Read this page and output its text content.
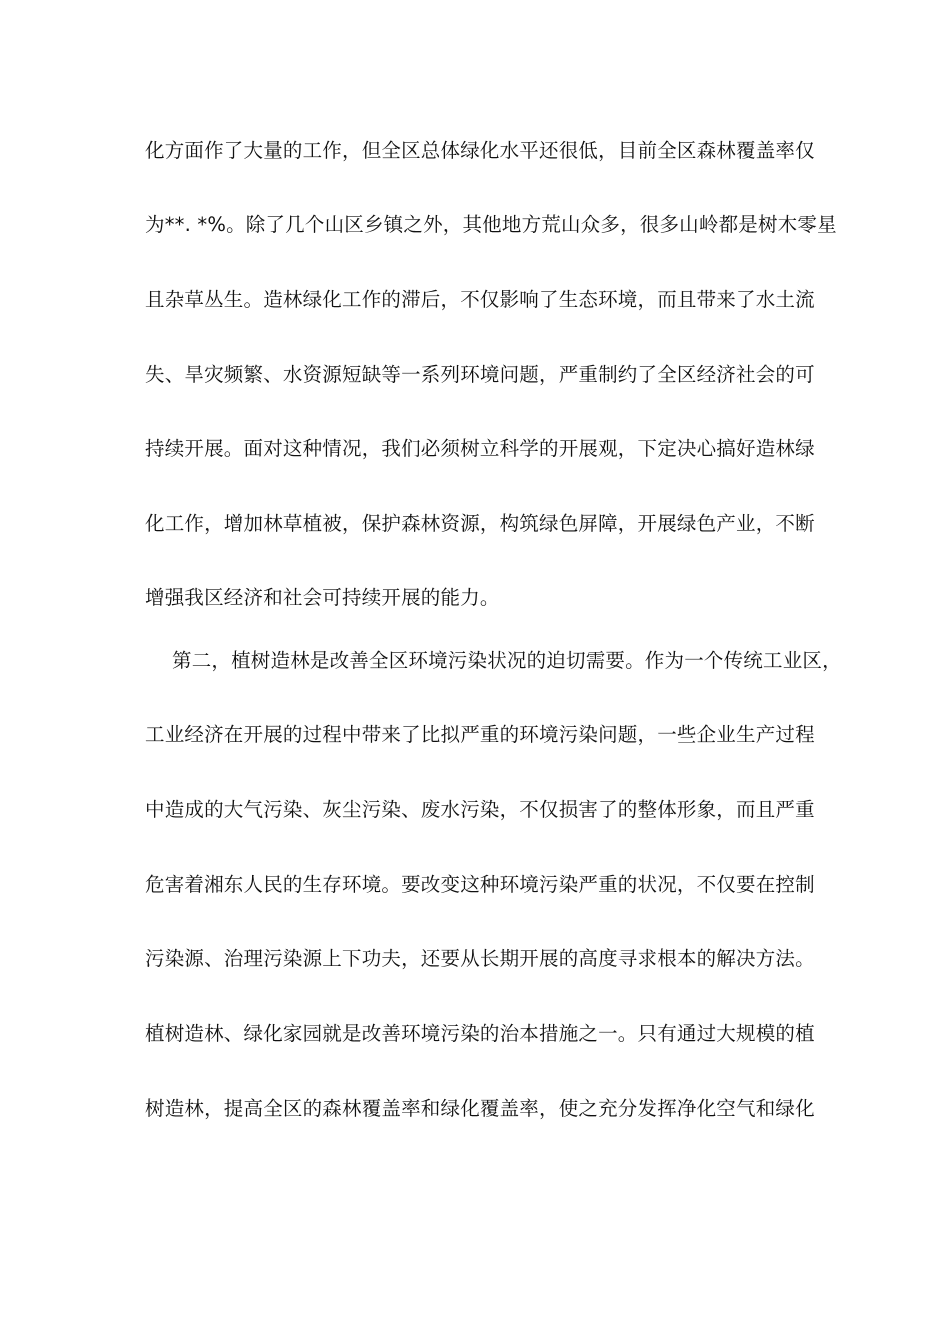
化方面作了大量的工作，但全区总体绿化水平还很低，目前全区森林覆盖率仅
为**. *%。除了几个山区乡镇之外，其他地方荒山众多，很多山岭都是树木零星
且杂草丛生。造林绿化工作的滞后，不仅影响了生态环境，而且带来了水土流
失、旱灾频繁、水资源短缺等一系列环境问题，严重制约了全区经济社会的可
持续开展。面对这种情况，我们必须树立科学的开展观，下定决心搞好造林绿
化工作，增加林草植被，保护森林资源，构筑绿色屏障，开展绿色产业，不断
增强我区经济和社会可持续开展的能力。
第二，植树造林是改善全区环境污染状况的迫切需要。作为一个传统工业区，
工业经济在开展的过程中带来了比拟严重的环境污染问题，一些企业生产过程
中造成的大气污染、灰尘污染、废水污染，不仅损害了的整体形象，而且严重
危害着湘东人民的生存环境。要改变这种环境污染严重的状况，不仅要在控制
污染源、治理污染源上下功夫，还要从长期开展的高度寻求根本的解决方法。
植树造林、绿化家园就是改善环境污染的治本措施之一。只有通过大规模的植
树造林，提高全区的森林覆盖率和绿化覆盖率，使之充分发挥净化空气和绿化
